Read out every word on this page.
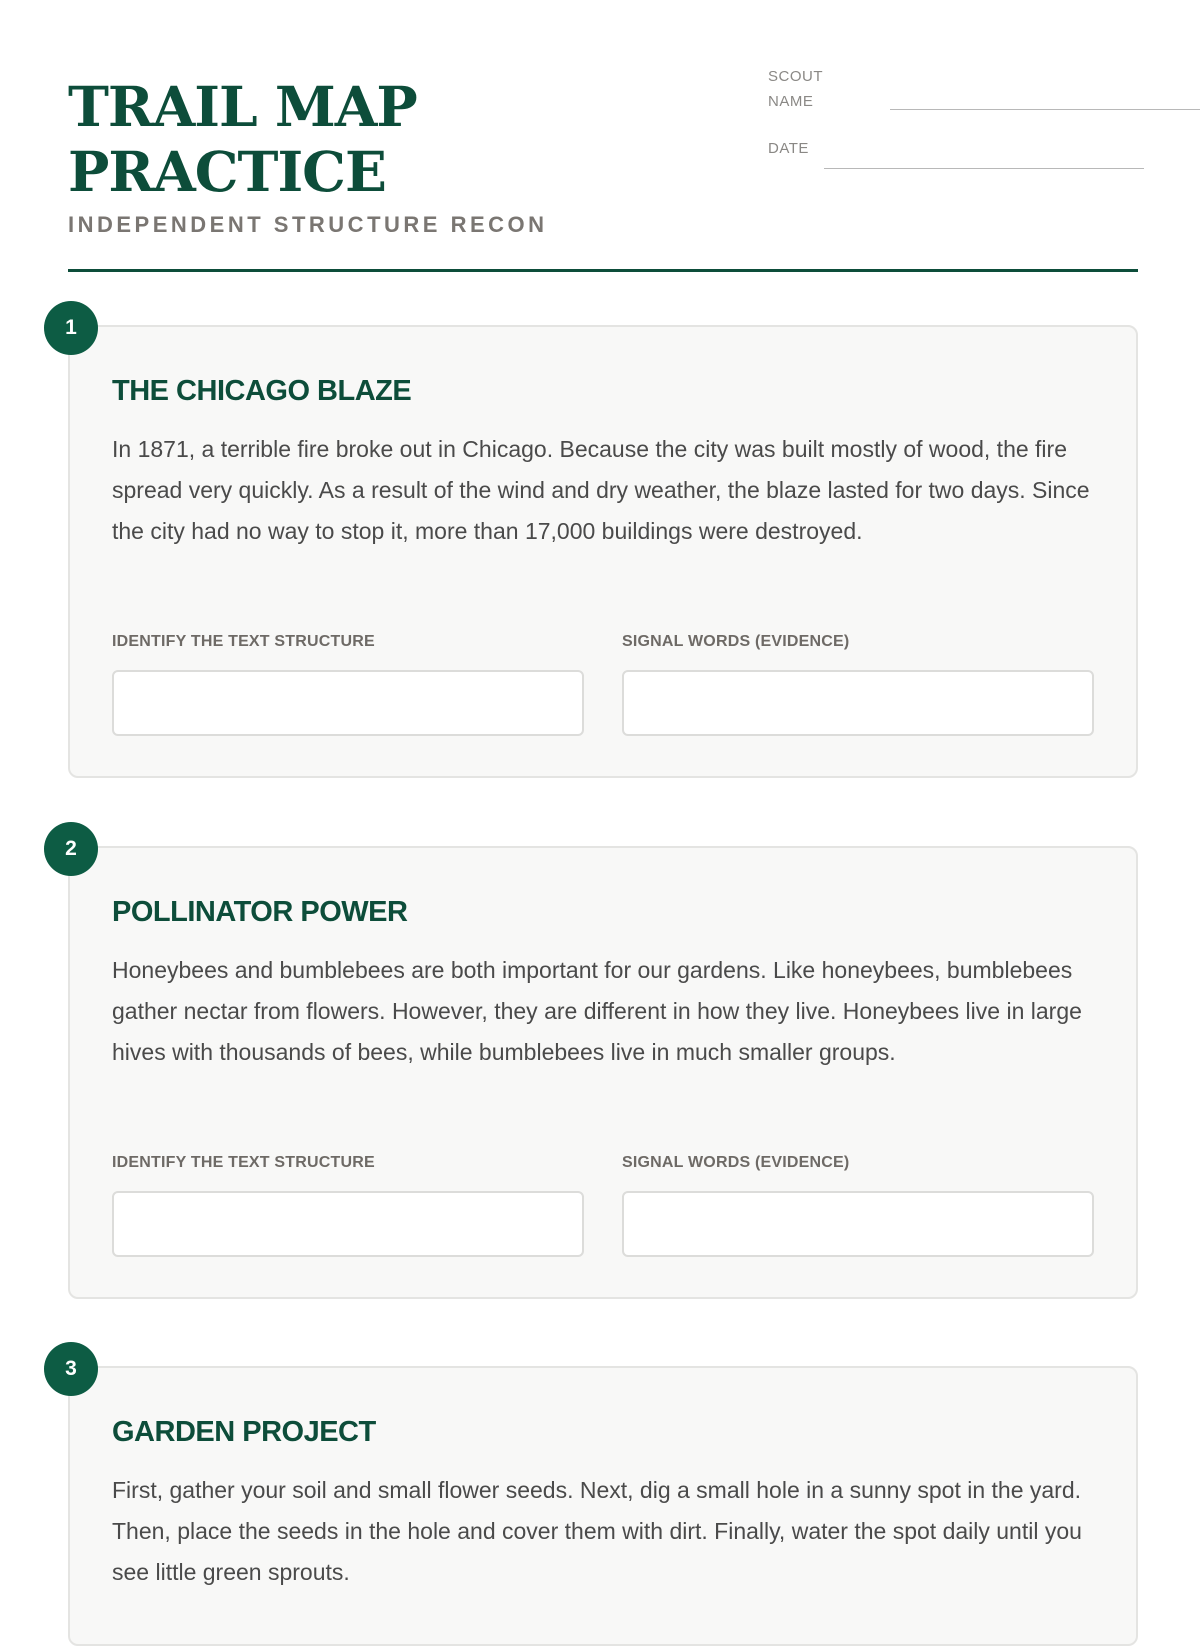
TRAIL MAP
PRACTICE
INDEPENDENT STRUCTURE RECON
SCOUT
NAME
DATE
THE CHICAGO BLAZE

In 1871, a terrible fire broke out in Chicago. Because the city was built mostly of wood, the fire spread very quickly. As a result of the wind and dry weather, the blaze lasted for two days. Since the city had no way to stop it, more than 17,000 buildings were destroyed.

IDENTIFY THE TEXT STRUCTURE	SIGNAL WORDS (EVIDENCE)
1
POLLINATOR POWER

Honeybees and bumblebees are both important for our gardens. Like honeybees, bumblebees gather nectar from flowers. However, they are different in how they live. Honeybees live in large hives with thousands of bees, while bumblebees live in much smaller groups.

IDENTIFY THE TEXT STRUCTURE	SIGNAL WORDS (EVIDENCE)
2
GARDEN PROJECT

First, gather your soil and small flower seeds. Next, dig a small hole in a sunny spot in the yard. Then, place the seeds in the hole and cover them with dirt. Finally, water the spot daily until you see little green sprouts.

3
